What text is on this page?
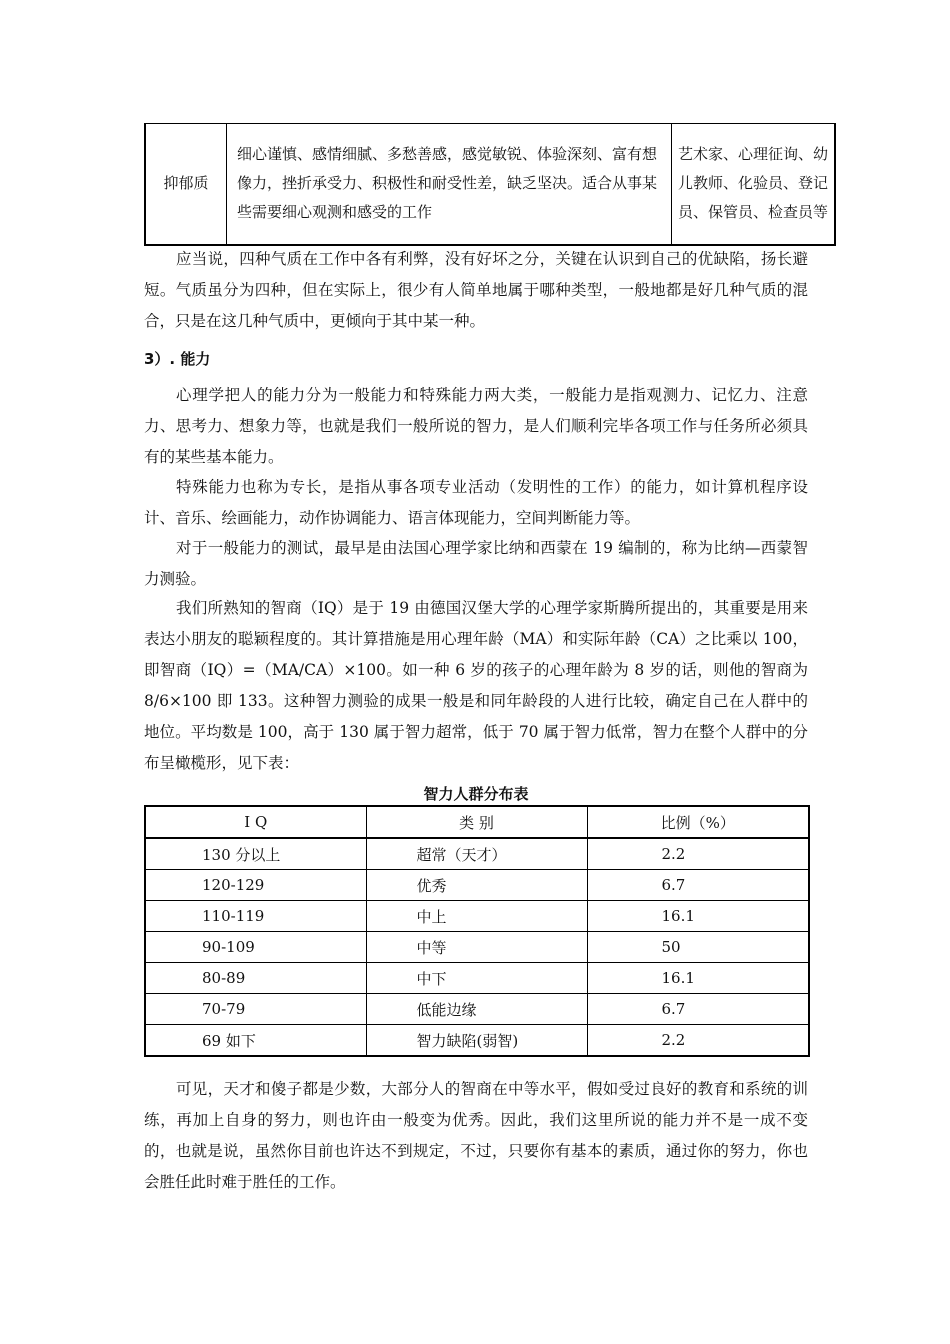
抑郁质	细心谨慎、感情细腻、多愁善感，感觉敏锐、体验深刻、富有想像力，挫折承受力、积极性和耐受性差，缺乏坚决。适合从事某些需要细心观测和感受的工作	艺术家、心理征询、幼儿教师、化验员、登记员、保管员、检查员等

应当说，四种气质在工作中各有利弊，没有好坏之分，关键在认识到自己的优缺陷，扬长避短。气质虽分为四种，但在实际上，很少有人简单地属于哪种类型，一般地都是好几种气质的混合，只是在这几种气质中，更倾向于其中某一种。

3）. 能力

心理学把人的能力分为一般能力和特殊能力两大类，一般能力是指观测力、记忆力、注意力、思考力、想象力等，也就是我们一般所说的智力，是人们顺利完毕各项工作与任务所必须具有的某些基本能力。

特殊能力也称为专长，是指从事各项专业活动（发明性的工作）的能力，如计算机程序设计、音乐、绘画能力，动作协调能力、语言体现能力，空间判断能力等。

对于一般能力的测试，最早是由法国心理学家比纳和西蒙在 19 编制的，称为比纳—西蒙智力测验。

我们所熟知的智商（IQ）是于 19 由德国汉堡大学的心理学家斯腾所提出的，其重要是用来表达小朋友的聪颖程度的。其计算措施是用心理年龄（MA）和实际年龄（CA）之比乘以 100，即智商（IQ）=（MA/CA）×100。如一种 6 岁的孩子的心理年龄为 8 岁的话，则他的智商为 8/6×100 即 133。这种智力测验的成果一般是和同年龄段的人进行比较，确定自己在人群中的地位。平均数是 100，高于 130 属于智力超常，低于 70 属于智力低常，智力在整个人群中的分布呈橄榄形，见下表：

智力人群分布表
I Q	类 别	比例（%）
130 分以上	超常（天才）	2.2
120-129	优秀	6.7
110-119	中上	16.1
90-109	中等	50
80-89	中下	16.1
70-79	低能边缘	6.7
69 如下	智力缺陷(弱智)	2.2

可见，天才和傻子都是少数，大部分人的智商在中等水平，假如受过良好的教育和系统的训练，再加上自身的努力，则也许由一般变为优秀。因此，我们这里所说的能力并不是一成不变的，也就是说，虽然你目前也许达不到规定，不过，只要你有基本的素质，通过你的努力，你也会胜任此时难于胜任的工作。
